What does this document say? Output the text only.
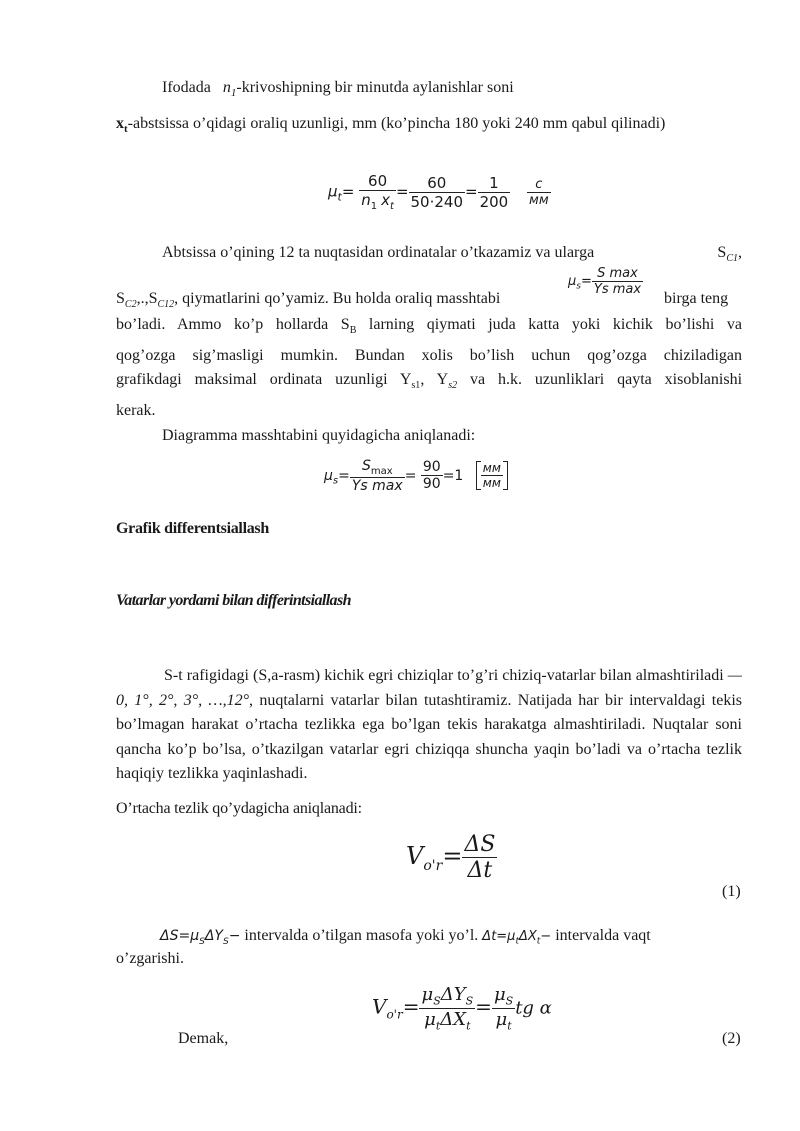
Ifodada $n_1$-krivoshipning bir minutda aylanishlar soni
$x_t$-abstsissa o’qidagi oraliq uzunligi, mm (ko’pincha 180 yoki 240 mm qabul qilinadi)
$\mu_t= \frac{60}{n_1 x_t} = \frac{60}{50\cdot 240} = \frac{1}{200}$
$\frac{с}{мм}$
Abtsissa o’qining 12 ta nuqtasidan ordinatalar o’tkazamiz va ularga	$S_{C1}$,
$S_{C2},.,S_{C12}$, qiymatlarini qo’yamiz. Bu holda oraliq masshtabi
$\mu_s= \frac{\text{S max}}{\text{Ys max}}$
birga teng
bo’ladi. Ammo ko’p hollarda $S_B$ larning qiymati juda katta yoki kichik bo’lishi va
qog’ozga sig’masligi mumkin. Bundan xolis bo’lish uchun qog’ozga chiziladigan
grafikdagi maksimal ordinata uzunligi $Y_{s1}$, $Y_{s2}$ va h.k. uzunliklari qayta xisoblanishi
kerak.
Diagramma masshtabini quyidagicha aniqlanadi:
$\mu_s= \frac{S_{max}}{\text{Ys max}} = \frac{90}{90} =1 \frac{мм}{мм}$
Grafik differentsiallash
Vatarlar yordami bilan differintsiallash
S-t rafigidagi (S,a-rasm) kichik egri chiziqlar to’g’ri chiziq-vatarlar bilan almashtiriladi —0, 1°, 2°, 3°, …,12°, nuqtalarni vatarlar bilan tutashtiramiz. Natijada har bir intervaldagi tekis bo’lmagan harakat o’rtacha tezlikka ega bo’lgan tekis harakatga almashtiriladi. Nuqtalar soni qancha ko’p bo’lsa, o’tkazilgan vatarlar egri chiziqqa shuncha yaqin bo’ladi va o’rtacha tezlik haqiqiy tezlikka yaqinlashadi.
O’rtacha tezlik qo’ydagicha aniqlanadi:
$V_{o'r}= \frac{\Delta S}{\Delta t}$
(1)
$\Delta S=\mu_S\Delta Y_S-$ intervalda o’tilgan masofa yoki yo’l. $\Delta t=\mu_t\Delta X_t-$ intervalda vaqt
o’zgarishi.
Demak,
$V_{o'r}= \frac{\mu_S\Delta Y_S}{\mu_t\Delta X_t} = \frac{\mu_S}{\mu_t}$ tg α
(2)
